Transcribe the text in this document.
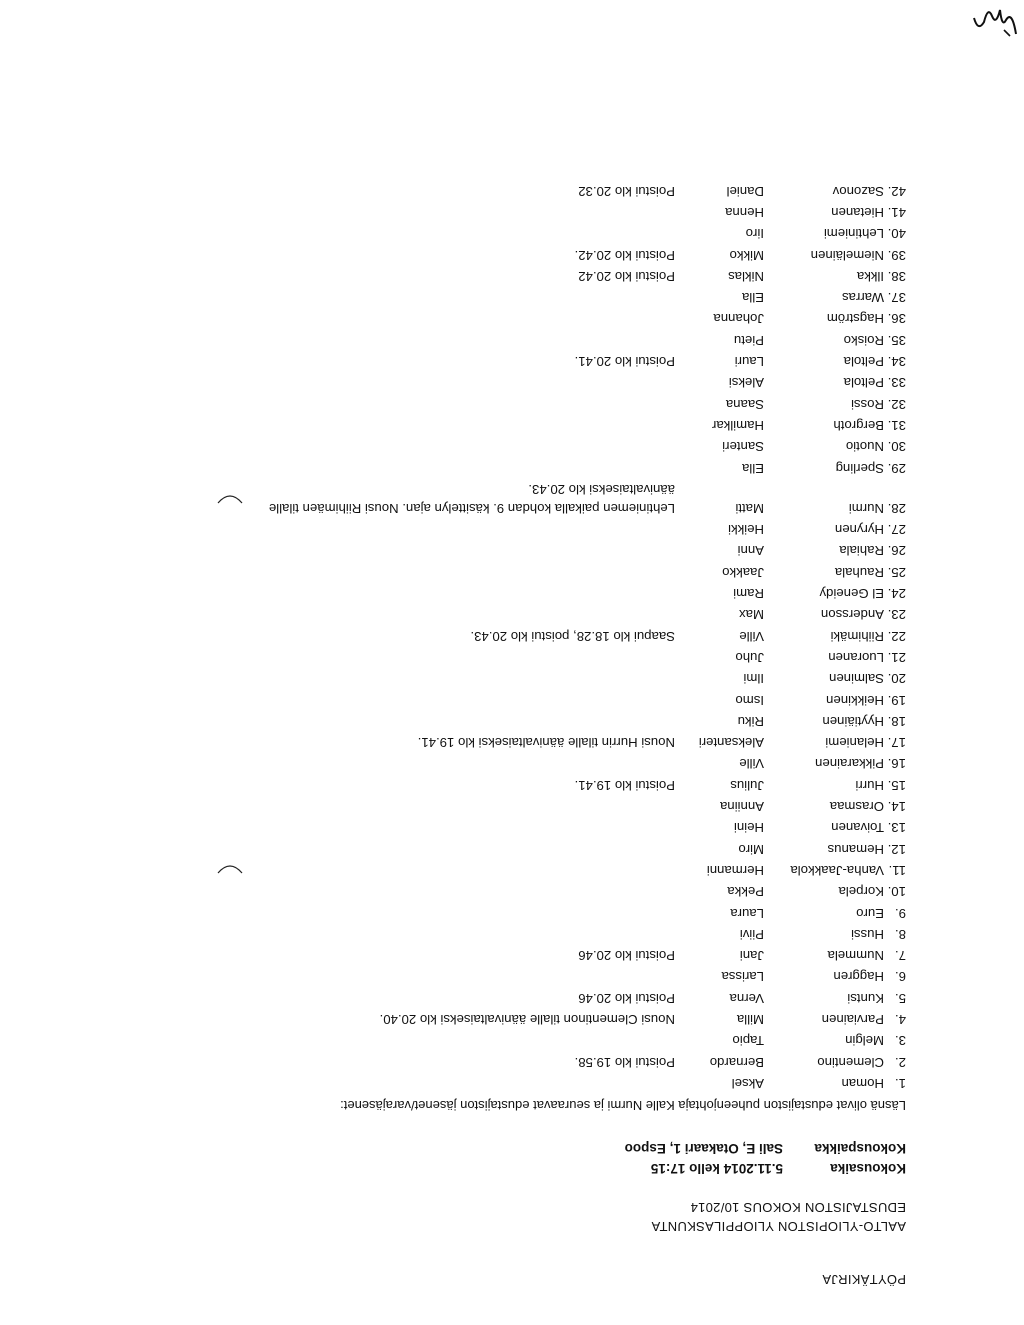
PÖYTÄKIRJA
AALTO-YLIOPISTON YLIOPPILASKUNTA
EDUSTAJISTON KOKOUS 10/2014
Kokousaika
5.11.2014 kello 17:15
Kokouspaikka
Sali E, Otakaari 1, Espoo
Läsnä olivat edustajiston puheenjohtaja Kalle Nurmi ja seuraavat edustajiston jäsenet/varajäsenet:
1.
Homan
Aksel
2.
Clementino
Bernardo
Poistui klo 19.58.
3.
Melgin
Tapio
4.
Parviainen
Milla
Nousi Clementinon tilalle äänivaltaiseksi klo 20.40.
5.
Kuntsi
Verna
Poistui klo 20.46
6.
Haggren
Larissa
7.
Nummela
Jani
Poistui klo 20.46
8.
Hussi
Piivi
9.
Euro
Laura
10.
Korpela
Pekka
11.
Vanha-Jaakkola
Hermanni
12.
Hemanus
Miro
13.
Toivanen
Heini
14.
Orasmaa
Anniina
15.
Hurri
Julius
Poistui klo 19.41.
16.
Pikkarainen
Ville
17.
Helaniemi
Aleksanteri
Nousi Hurrin tilalle äänivaltaiseksi klo 19.41.
18.
Hyytiäinen
Riku
19.
Heikkinen
Ismo
20.
Salminen
Ilmi
21.
Luoranen
Juho
22.
Riihimäki
Ville
Saapui klo 18.28, poistui klo 20.43.
23.
Andersson
Max
24.
El Geneidy
Rami
25.
Rauhala
Jaakko
26.
Rahiala
Anni
27.
Hyrynen
Heikki
28.
Nurmi
Matti
Lehtiniemen paikalla kohdan 9. käsittelyn ajan. Nousi Riihimäen tilalle
äänivaltaiseksi klo 20.43.
29.
Sperling
Ella
30.
Nuotio
Santeri
31.
Bergroth
Hamilkar
32.
Rossi
Saana
33.
Peltola
Aleksi
34.
Peltola
Lauri
Poistui klo 20.41.
35.
Roisko
Pietu
36.
Hagström
Johanna
37.
Warras
Ella
38.
Ilkka
Niklas
Poistui klo 20.42
39.
Niemeläinen
Mikko
Poistui klo 20.42.
40.
Lehtiniemi
Iiro
41.
Hietanen
Henna
42.
Sazonov
Daniel
Poistui klo 20.32
